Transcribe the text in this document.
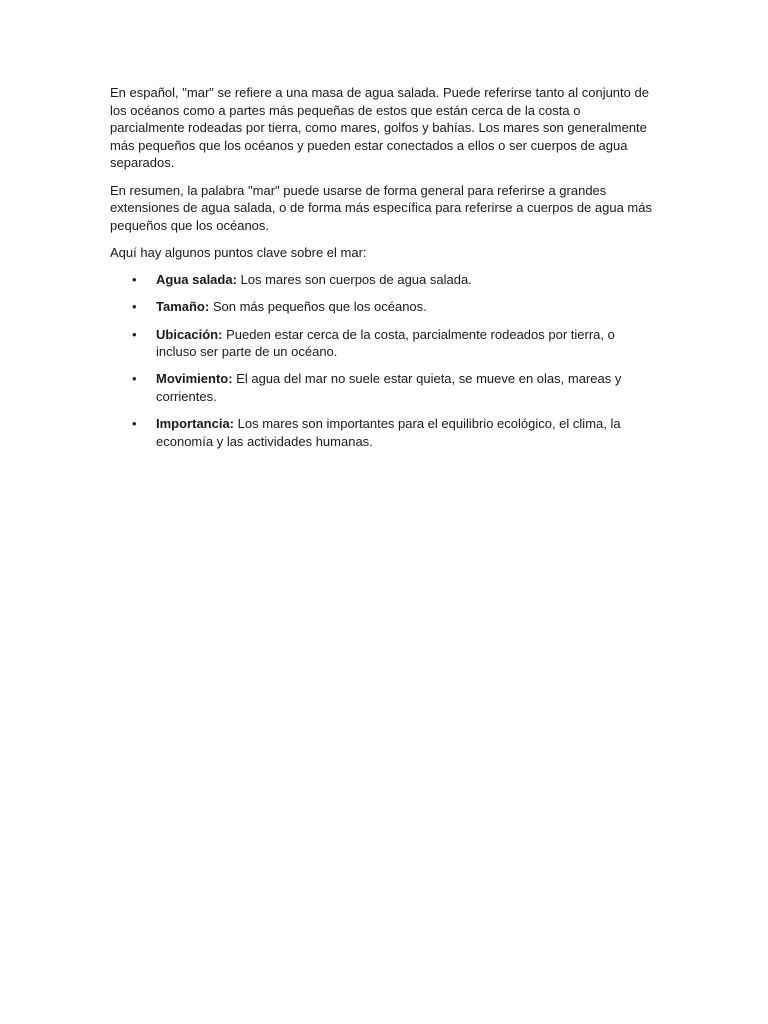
En español, "mar" se refiere a una masa de agua salada. Puede referirse tanto al conjunto de los océanos como a partes más pequeñas de estos que están cerca de la costa o parcialmente rodeadas por tierra, como mares, golfos y bahías. Los mares son generalmente más pequeños que los océanos y pueden estar conectados a ellos o ser cuerpos de agua separados.

En resumen, la palabra "mar" puede usarse de forma general para referirse a grandes extensiones de agua salada, o de forma más específica para referirse a cuerpos de agua más pequeños que los océanos.

Aquí hay algunos puntos clave sobre el mar:

• Agua salada: Los mares son cuerpos de agua salada.
• Tamaño: Son más pequeños que los océanos.
• Ubicación: Pueden estar cerca de la costa, parcialmente rodeados por tierra, o incluso ser parte de un océano.
• Movimiento: El agua del mar no suele estar quieta, se mueve en olas, mareas y corrientes.
• Importancia: Los mares son importantes para el equilibrio ecológico, el clima, la economía y las actividades humanas.
